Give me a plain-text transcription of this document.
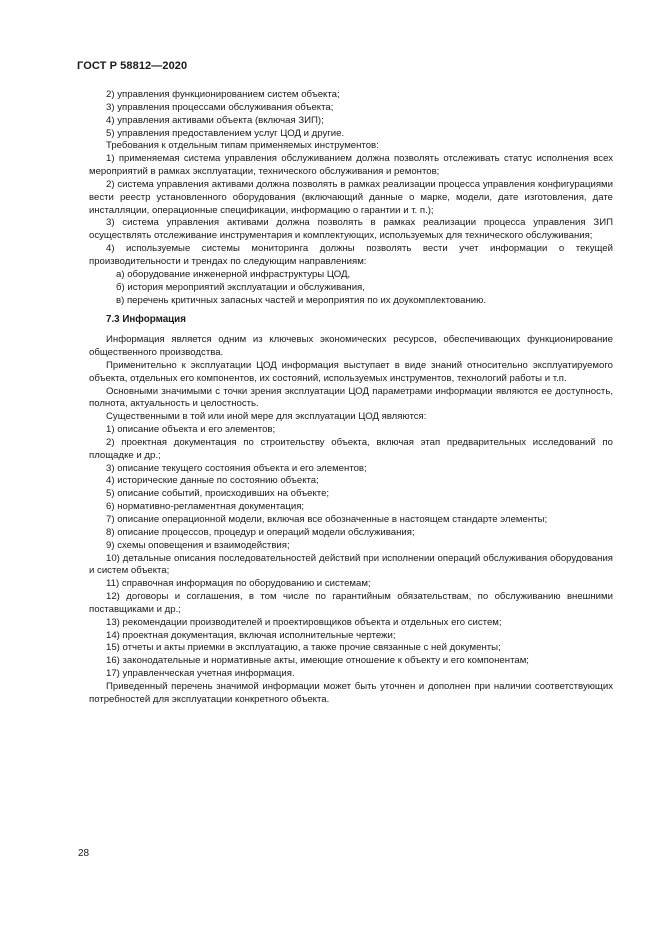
ГОСТ Р 58812—2020

2) управления функционированием систем объекта;

3) управления процессами обслуживания объекта;

4) управления активами объекта (включая ЗИП);

5) управления предоставлением услуг ЦОД и другие.

Требования к отдельным типам применяемых инструментов:

1) применяемая система управления обслуживанием должна позволять отслеживать статус исполнения всех мероприятий в рамках эксплуатации, технического обслуживания и ремонтов;

2) система управления активами должна позволять в рамках реализации процесса управления конфигурациями вести реестр установленного оборудования (включающий данные о марке, модели, дате изготовления, дате инсталляции, операционные спецификации, информацию о гарантии и т. п.);

3) система управления активами должна позволять в рамках реализации процесса управления ЗИП осуществлять отслеживание инструментария и комплектующих, используемых для технического обслуживания;

4) используемые системы мониторинга должны позволять вести учет информации о текущей производительности и трендах по следующим направлениям:

а) оборудование инженерной инфраструктуры ЦОД,

б) история мероприятий эксплуатации и обслуживания,

в) перечень критичных запасных частей и мероприятия по их доукомплектованию.

7.3 Информация

Информация является одним из ключевых экономических ресурсов, обеспечивающих функционирование общественного производства.

Применительно к эксплуатации ЦОД информация выступает в виде знаний относительно эксплуатируемого объекта, отдельных его компонентов, их состояний, используемых инструментов, технологий работы и т.п.

Основными значимыми с точки зрения эксплуатации ЦОД параметрами информации являются ее доступность, полнота, актуальность и целостность.

Существенными в той или иной мере для эксплуатации ЦОД являются:

1) описание объекта и его элементов;

2) проектная документация по строительству объекта, включая этап предварительных исследований по площадке и др.;

3) описание текущего состояния объекта и его элементов;

4) исторические данные по состоянию объекта;

5) описание событий, происходивших на объекте;

6) нормативно-регламентная документация;

7) описание операционной модели, включая все обозначенные в настоящем стандарте элементы;

8) описание процессов, процедур и операций модели обслуживания;

9) схемы оповещения и взаимодействия;

10) детальные описания последовательностей действий при исполнении операций обслуживания оборудования и систем объекта;

11) справочная информация по оборудованию и системам;

12) договоры и соглашения, в том числе по гарантийным обязательствам, по обслуживанию внешними поставщиками и др.;

13) рекомендации производителей и проектировщиков объекта и отдельных его систем;

14) проектная документация, включая исполнительные чертежи;

15) отчеты и акты приемки в эксплуатацию, а также прочие связанные с ней документы;

16) законодательные и нормативные акты, имеющие отношение к объекту и его компонентам;

17) управленческая учетная информация.

Приведенный перечень значимой информации может быть уточнен и дополнен при наличии соответствующих потребностей для эксплуатации конкретного объекта.

28
